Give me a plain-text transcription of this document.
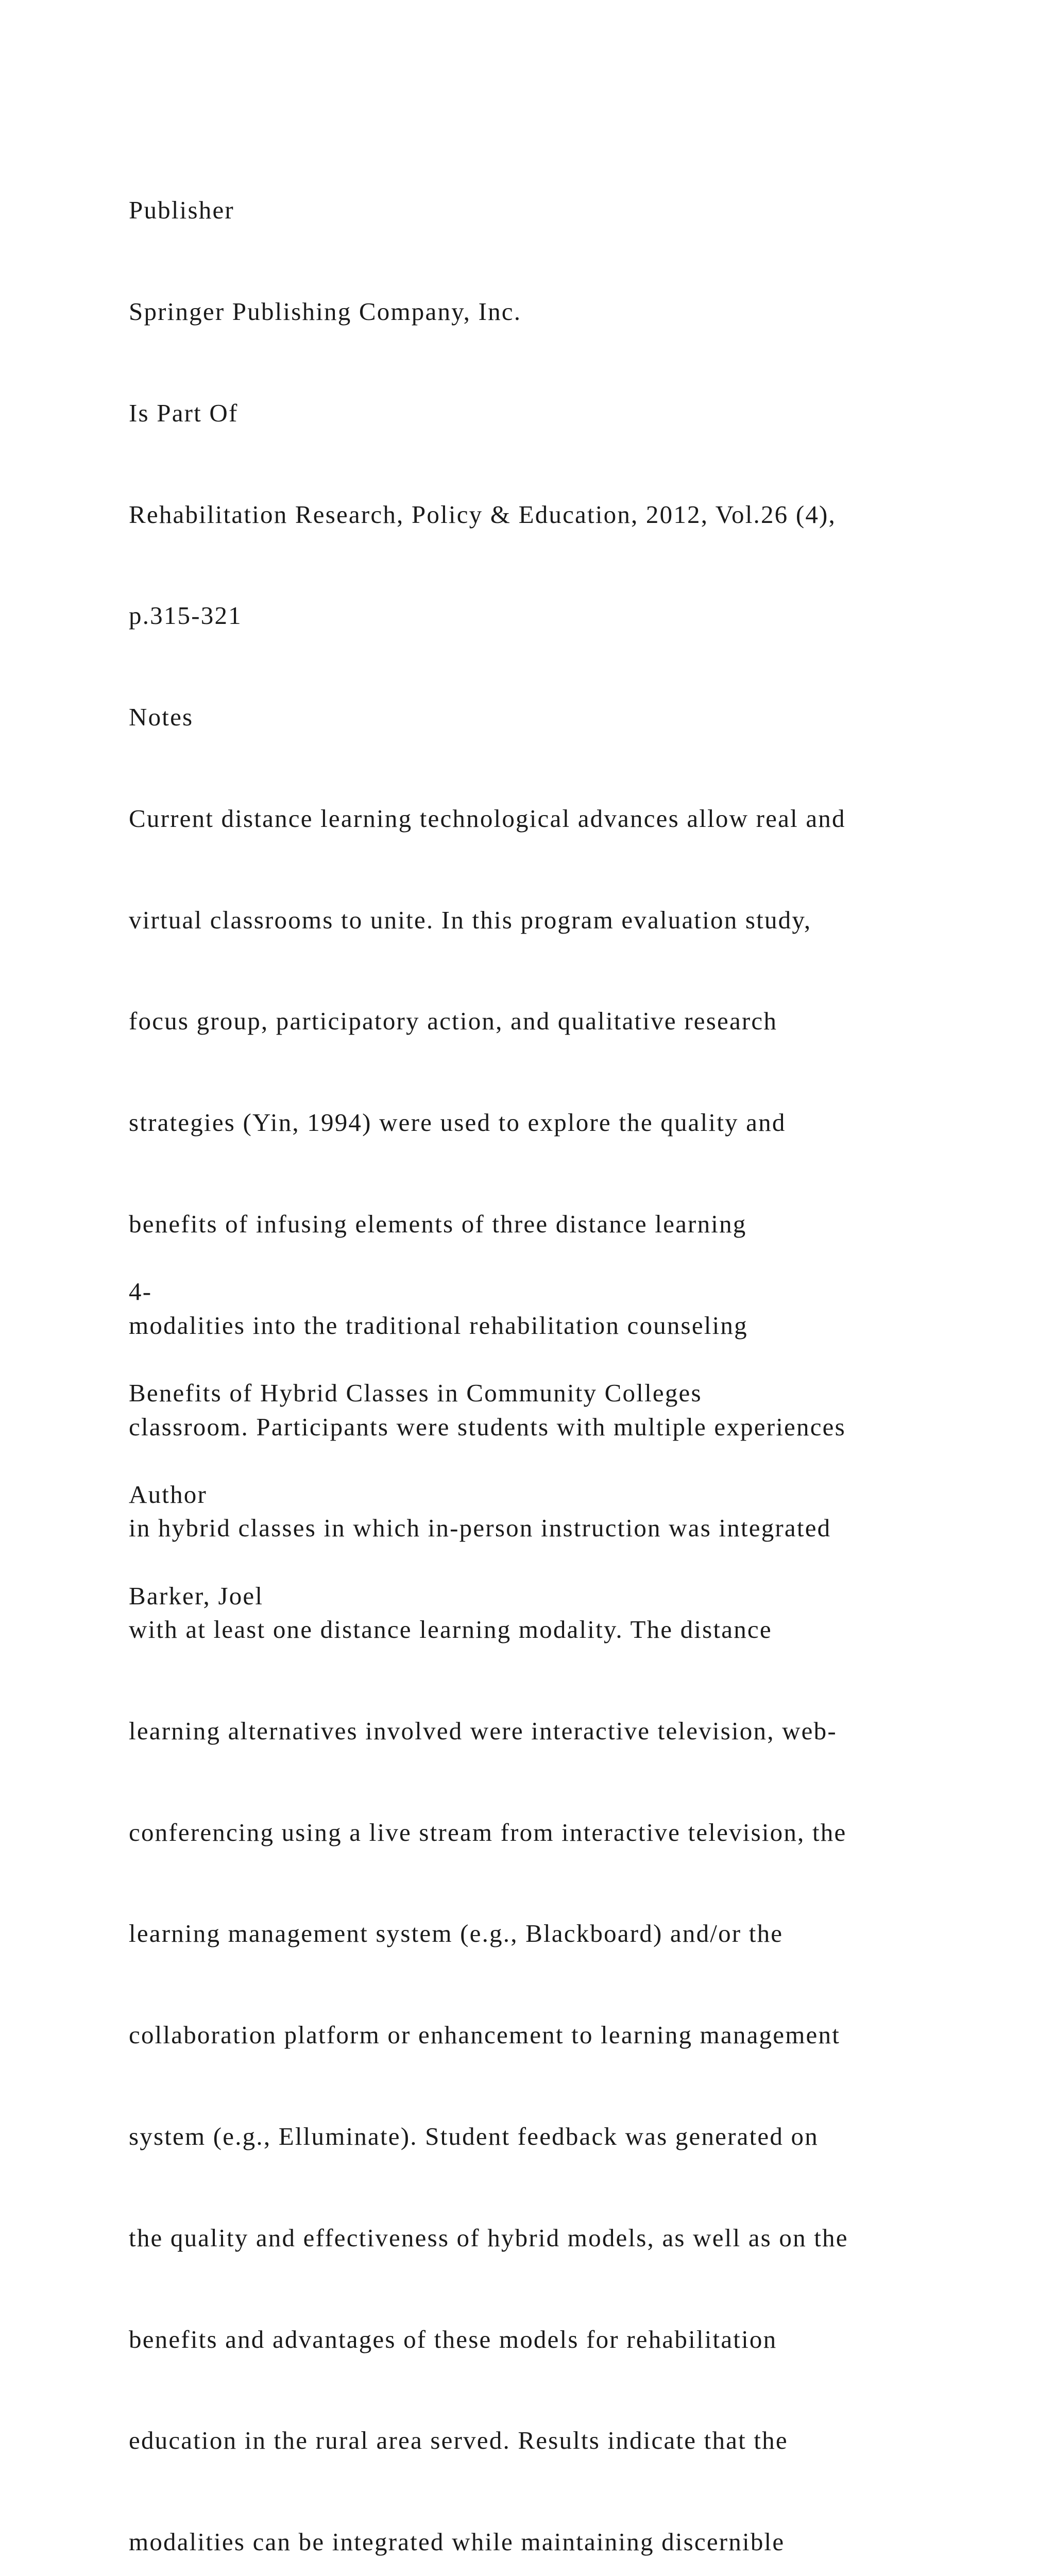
Publisher

Springer Publishing Company, Inc.

Is Part Of

Rehabilitation Research, Policy & Education, 2012, Vol.26 (4),

p.315-321

Notes

Current distance learning technological advances allow real and

virtual classrooms to unite. In this program evaluation study,

focus group, participatory action, and qualitative research

strategies (Yin, 1994) were used to explore the quality and

benefits of infusing elements of three distance learning

modalities into the traditional rehabilitation counseling

classroom. Participants were students with multiple experiences

in hybrid classes in which in-person instruction was integrated

with at least one distance learning modality. The distance

learning alternatives involved were interactive television, web-

conferencing using a live stream from interactive television, the

learning management system (e.g., Blackboard) and/or the

collaboration platform or enhancement to learning management

system (e.g., Elluminate). Student feedback was generated on

the quality and effectiveness of hybrid models, as well as on the

benefits and advantages of these models for rehabilitation

education in the rural area served. Results indicate that the

modalities can be integrated while maintaining discernible

4-

Benefits of Hybrid Classes in Community Colleges

Author

Barker, Joel
